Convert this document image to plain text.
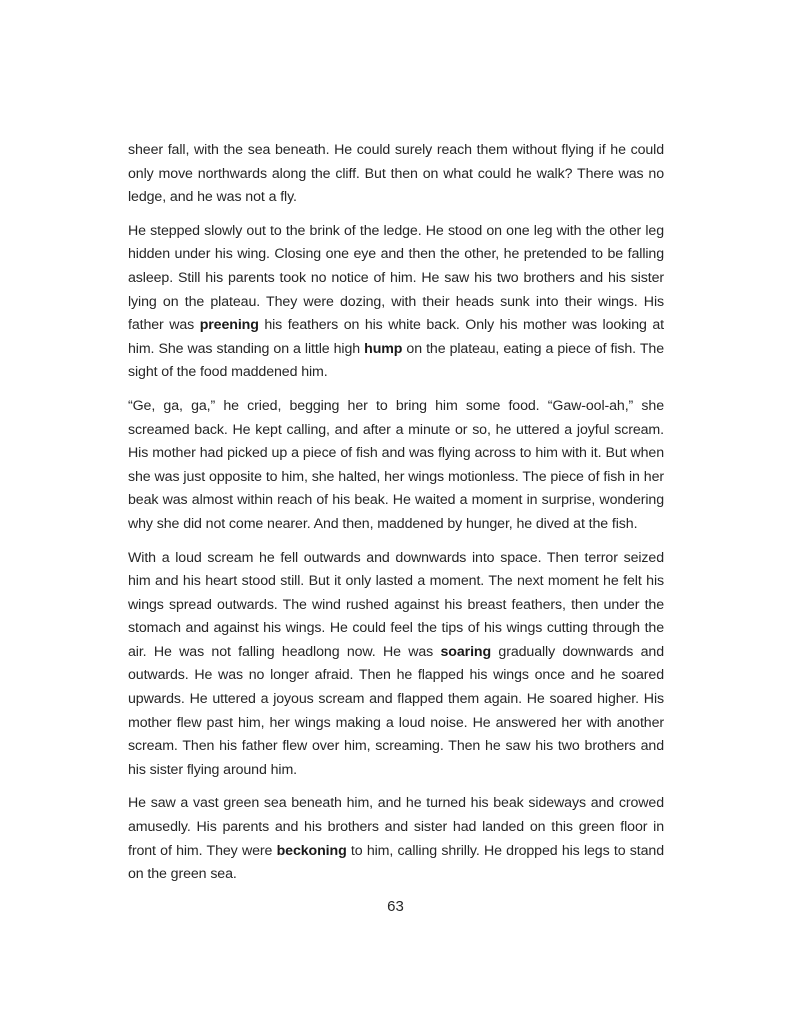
sheer fall, with the sea beneath. He could surely reach them without flying if he could only move northwards along the cliff. But then on what could he walk? There was no ledge, and he was not a fly.

He stepped slowly out to the brink of the ledge. He stood on one leg with the other leg hidden under his wing. Closing one eye and then the other, he pretended to be falling asleep. Still his parents took no notice of him. He saw his two brothers and his sister lying on the plateau. They were dozing, with their heads sunk into their wings. His father was preening his feathers on his white back. Only his mother was looking at him. She was standing on a little high hump on the plateau, eating a piece of fish. The sight of the food maddened him.

“Ge, ga, ga,” he cried, begging her to bring him some food. “Gaw-ool-ah,” she screamed back. He kept calling, and after a minute or so, he uttered a joyful scream. His mother had picked up a piece of fish and was flying across to him with it. But when she was just opposite to him, she halted, her wings motionless. The piece of fish in her beak was almost within reach of his beak. He waited a moment in surprise, wondering why she did not come nearer. And then, maddened by hunger, he dived at the fish.

With a loud scream he fell outwards and downwards into space. Then terror seized him and his heart stood still. But it only lasted a moment. The next moment he felt his wings spread outwards. The wind rushed against his breast feathers, then under the stomach and against his wings. He could feel the tips of his wings cutting through the air. He was not falling headlong now. He was soaring gradually downwards and outwards. He was no longer afraid. Then he flapped his wings once and he soared upwards. He uttered a joyous scream and flapped them again. He soared higher. His mother flew past him, her wings making a loud noise. He answered her with another scream. Then his father flew over him, screaming. Then he saw his two brothers and his sister flying around him.

He saw a vast green sea beneath him, and he turned his beak sideways and crowed amusedly. His parents and his brothers and sister had landed on this green floor in front of him. They were beckoning to him, calling shrilly. He dropped his legs to stand on the green sea.

63
